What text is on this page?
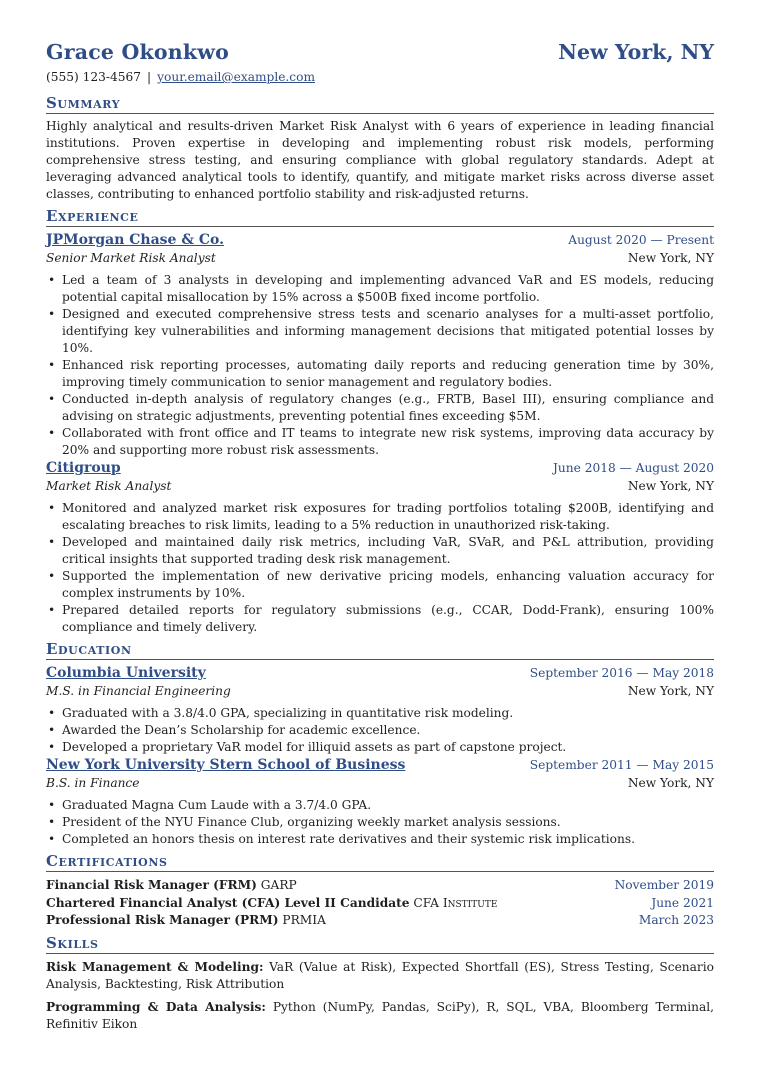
Grace Okonkwo	New York, NY
(555) 123-4567 | your.email@example.com
Summary

Highly analytical and results-driven Market Risk Analyst with 6 years of experience in leading financial institutions. Proven expertise in developing and implementing robust risk models, performing comprehensive stress testing, and ensuring compliance with global regulatory standards. Adept at leveraging advanced analytical tools to identify, quantify, and mitigate market risks across diverse asset classes, contributing to enhanced portfolio stability and risk-adjusted returns.

Experience
JPMorgan Chase & Co.	August 2020 — Present
Senior Market Risk Analyst	New York, NY
• Led a team of 3 analysts in developing and implementing advanced VaR and ES models, reducing potential capital misallocation by 15% across a $500B fixed income portfolio.
• Designed and executed comprehensive stress tests and scenario analyses for a multi-asset portfolio, identifying key vulnerabilities and informing management decisions that mitigated potential losses by 10%.
• Enhanced risk reporting processes, automating daily reports and reducing generation time by 30%, improving timely communication to senior management and regulatory bodies.
• Conducted in-depth analysis of regulatory changes (e.g., FRTB, Basel III), ensuring compliance and advising on strategic adjustments, preventing potential fines exceeding $5M.
• Collaborated with front office and IT teams to integrate new risk systems, improving data accuracy by 20% and supporting more robust risk assessments.
Citigroup	June 2018 — August 2020
Market Risk Analyst	New York, NY
• Monitored and analyzed market risk exposures for trading portfolios totaling $200B, identifying and escalating breaches to risk limits, leading to a 5% reduction in unauthorized risk-taking.
• Developed and maintained daily risk metrics, including VaR, SVaR, and P&L attribution, providing critical insights that supported trading desk risk management.
• Supported the implementation of new derivative pricing models, enhancing valuation accuracy for complex instruments by 10%.
• Prepared detailed reports for regulatory submissions (e.g., CCAR, Dodd-Frank), ensuring 100% compliance and timely delivery.
Education
Columbia University	September 2016 — May 2018
M.S. in Financial Engineering	New York, NY
• Graduated with a 3.8/4.0 GPA, specializing in quantitative risk modeling.
• Awarded the Dean’s Scholarship for academic excellence.
• Developed a proprietary VaR model for illiquid assets as part of capstone project.
New York University Stern School of Business	September 2011 — May 2015
B.S. in Finance	New York, NY
• Graduated Magna Cum Laude with a 3.7/4.0 GPA.
• President of the NYU Finance Club, organizing weekly market analysis sessions.
• Completed an honors thesis on interest rate derivatives and their systemic risk implications.
Certifications
Financial Risk Manager (FRM) GARP	November 2019
Chartered Financial Analyst (CFA) Level II Candidate CFA Institute	June 2021
Professional Risk Manager (PRM) PRMIA	March 2023
Skills

Risk Management & Modeling: VaR (Value at Risk), Expected Shortfall (ES), Stress Testing, Scenario Analysis, Backtesting, Risk Attribution

Programming & Data Analysis: Python (NumPy, Pandas, SciPy), R, SQL, VBA, Bloomberg Terminal, Refinitiv Eikon
